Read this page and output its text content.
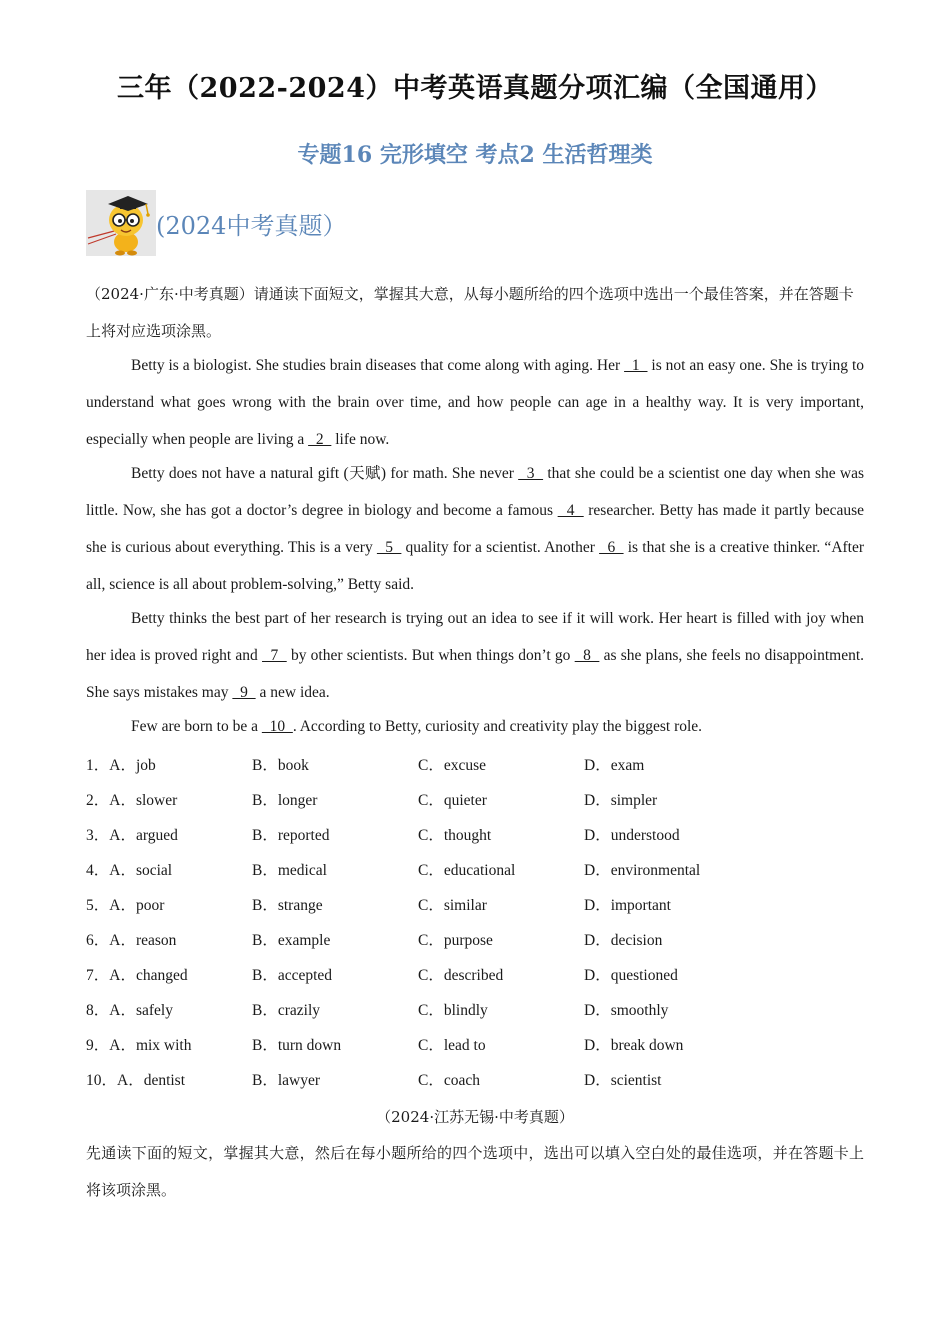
三年（2022-2024）中考英语真题分项汇编（全国通用）
专题16 完形填空 考点2 生活哲理类
(2024中考真题）
（2024·广东·中考真题）请通读下面短文，掌握其大意，从每小题所给的四个选项中选出一个最佳答案，并在答题卡上将对应选项涂黑。

Betty is a biologist. She studies brain diseases that come along with aging. Her   1   is not an easy one. She is trying to understand what goes wrong with the brain over time, and how people can age in a healthy way. It is very important, especially when people are living a   2   life now.

Betty does not have a natural gift (天赋) for math. She never   3   that she could be a scientist one day when she was little. Now, she has got a doctor’s degree in biology and become a famous   4   researcher. Betty has made it partly because she is curious about everything. This is a very   5   quality for a scientist. Another   6   is that she is a creative thinker. “After all, science is all about problem-solving,” Betty said.

Betty thinks the best part of her research is trying out an idea to see if it will work. Her heart is filled with joy when her idea is proved right and   7   by other scientists. But when things don’t go   8   as she plans, she feels no disappointment. She says mistakes may   9   a new idea.

Few are born to be a   10  . According to Betty, curiosity and creativity play the biggest role.

1．A．job	B．book	C．excuse	D．exam
2．A．slower	B．longer	C．quieter	D．simpler
3．A．argued	B．reported	C．thought	D．understood
4．A．social	B．medical	C．educational	D．environmental
5．A．poor	B．strange	C．similar	D．important
6．A．reason	B．example	C．purpose	D．decision
7．A．changed	B．accepted	C．described	D．questioned
8．A．safely	B．crazily	C．blindly	D．smoothly
9．A．mix with	B．turn down	C．lead to	D．break down
10．A．dentist	B．lawyer	C．coach	D．scientist
（2024·江苏无锡·中考真题）
先通读下面的短文，掌握其大意，然后在每小题所给的四个选项中，选出可以填入空白处的最佳选项，并在答题卡上将该项涂黑。
